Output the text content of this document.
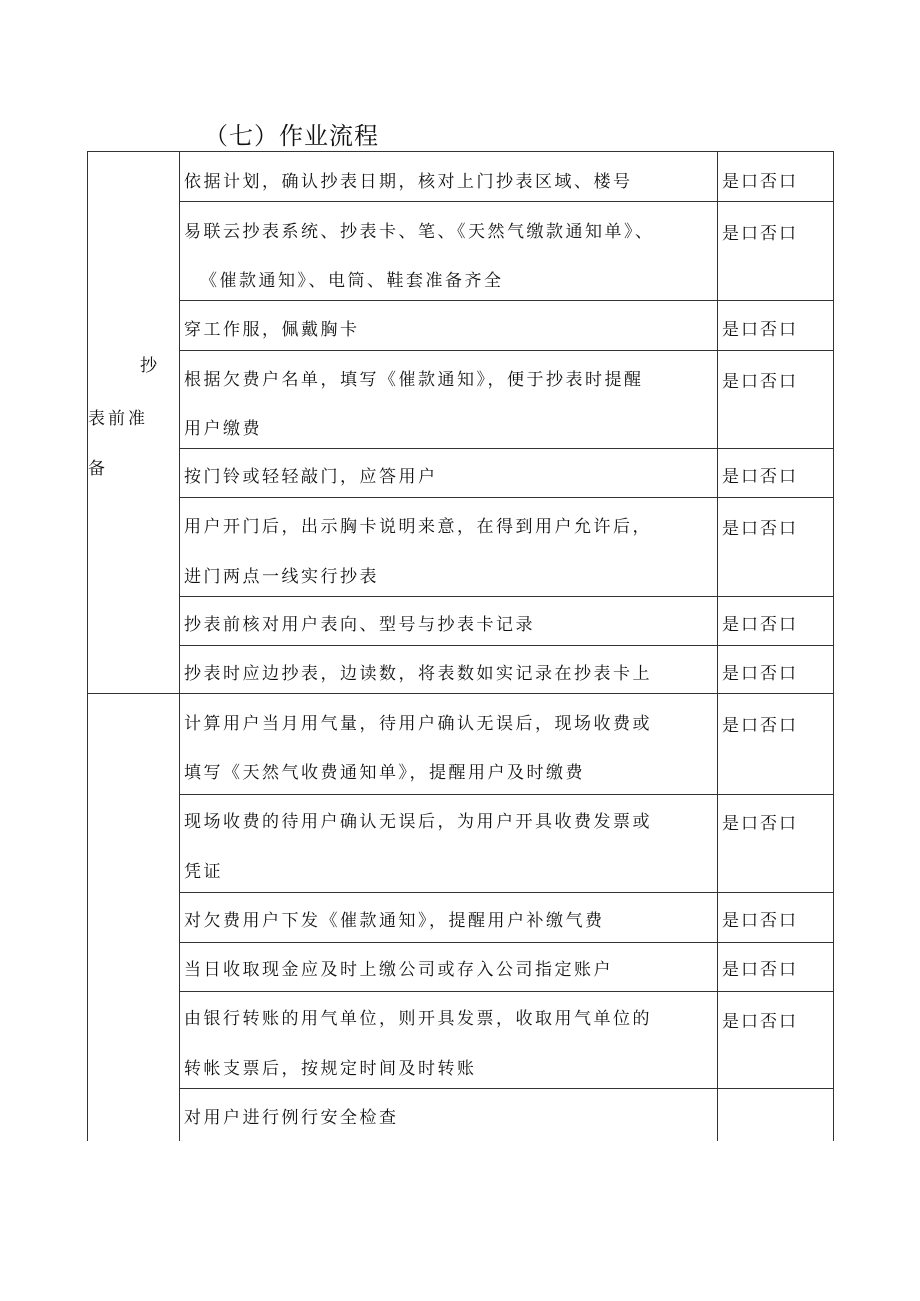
（七）作业流程
抄
表前准
备
依据计划，确认抄表日期，核对上门抄表区域、楼号	是口否口
易联云抄表系统、抄表卡、笔、《天然气缴款通知单》、
《催款通知》、电筒、鞋套准备齐全
是口否口
穿工作服，佩戴胸卡	是口否口
根据欠费户名单，填写《催款通知》，便于抄表时提醒
用户缴费
是口否口
按门铃或轻轻敲门，应答用户	是口否口
用户开门后，出示胸卡说明来意，在得到用户允许后，
进门两点一线实行抄表
是口否口
抄表前核对用户表向、型号与抄表卡记录	是口否口
抄表时应边抄表，边读数，将表数如实记录在抄表卡上	是口否口
计算用户当月用气量，待用户确认无误后，现场收费或
填写《天然气收费通知单》，提醒用户及时缴费
是口否口
现场收费的待用户确认无误后，为用户开具收费发票或
凭证
是口否口
对欠费用户下发《催款通知》，提醒用户补缴气费	是口否口
当日收取现金应及时上缴公司或存入公司指定账户	是口否口
由银行转账的用气单位，则开具发票，收取用气单位的
转帐支票后，按规定时间及时转账
是口否口
对用户进行例行安全检查
